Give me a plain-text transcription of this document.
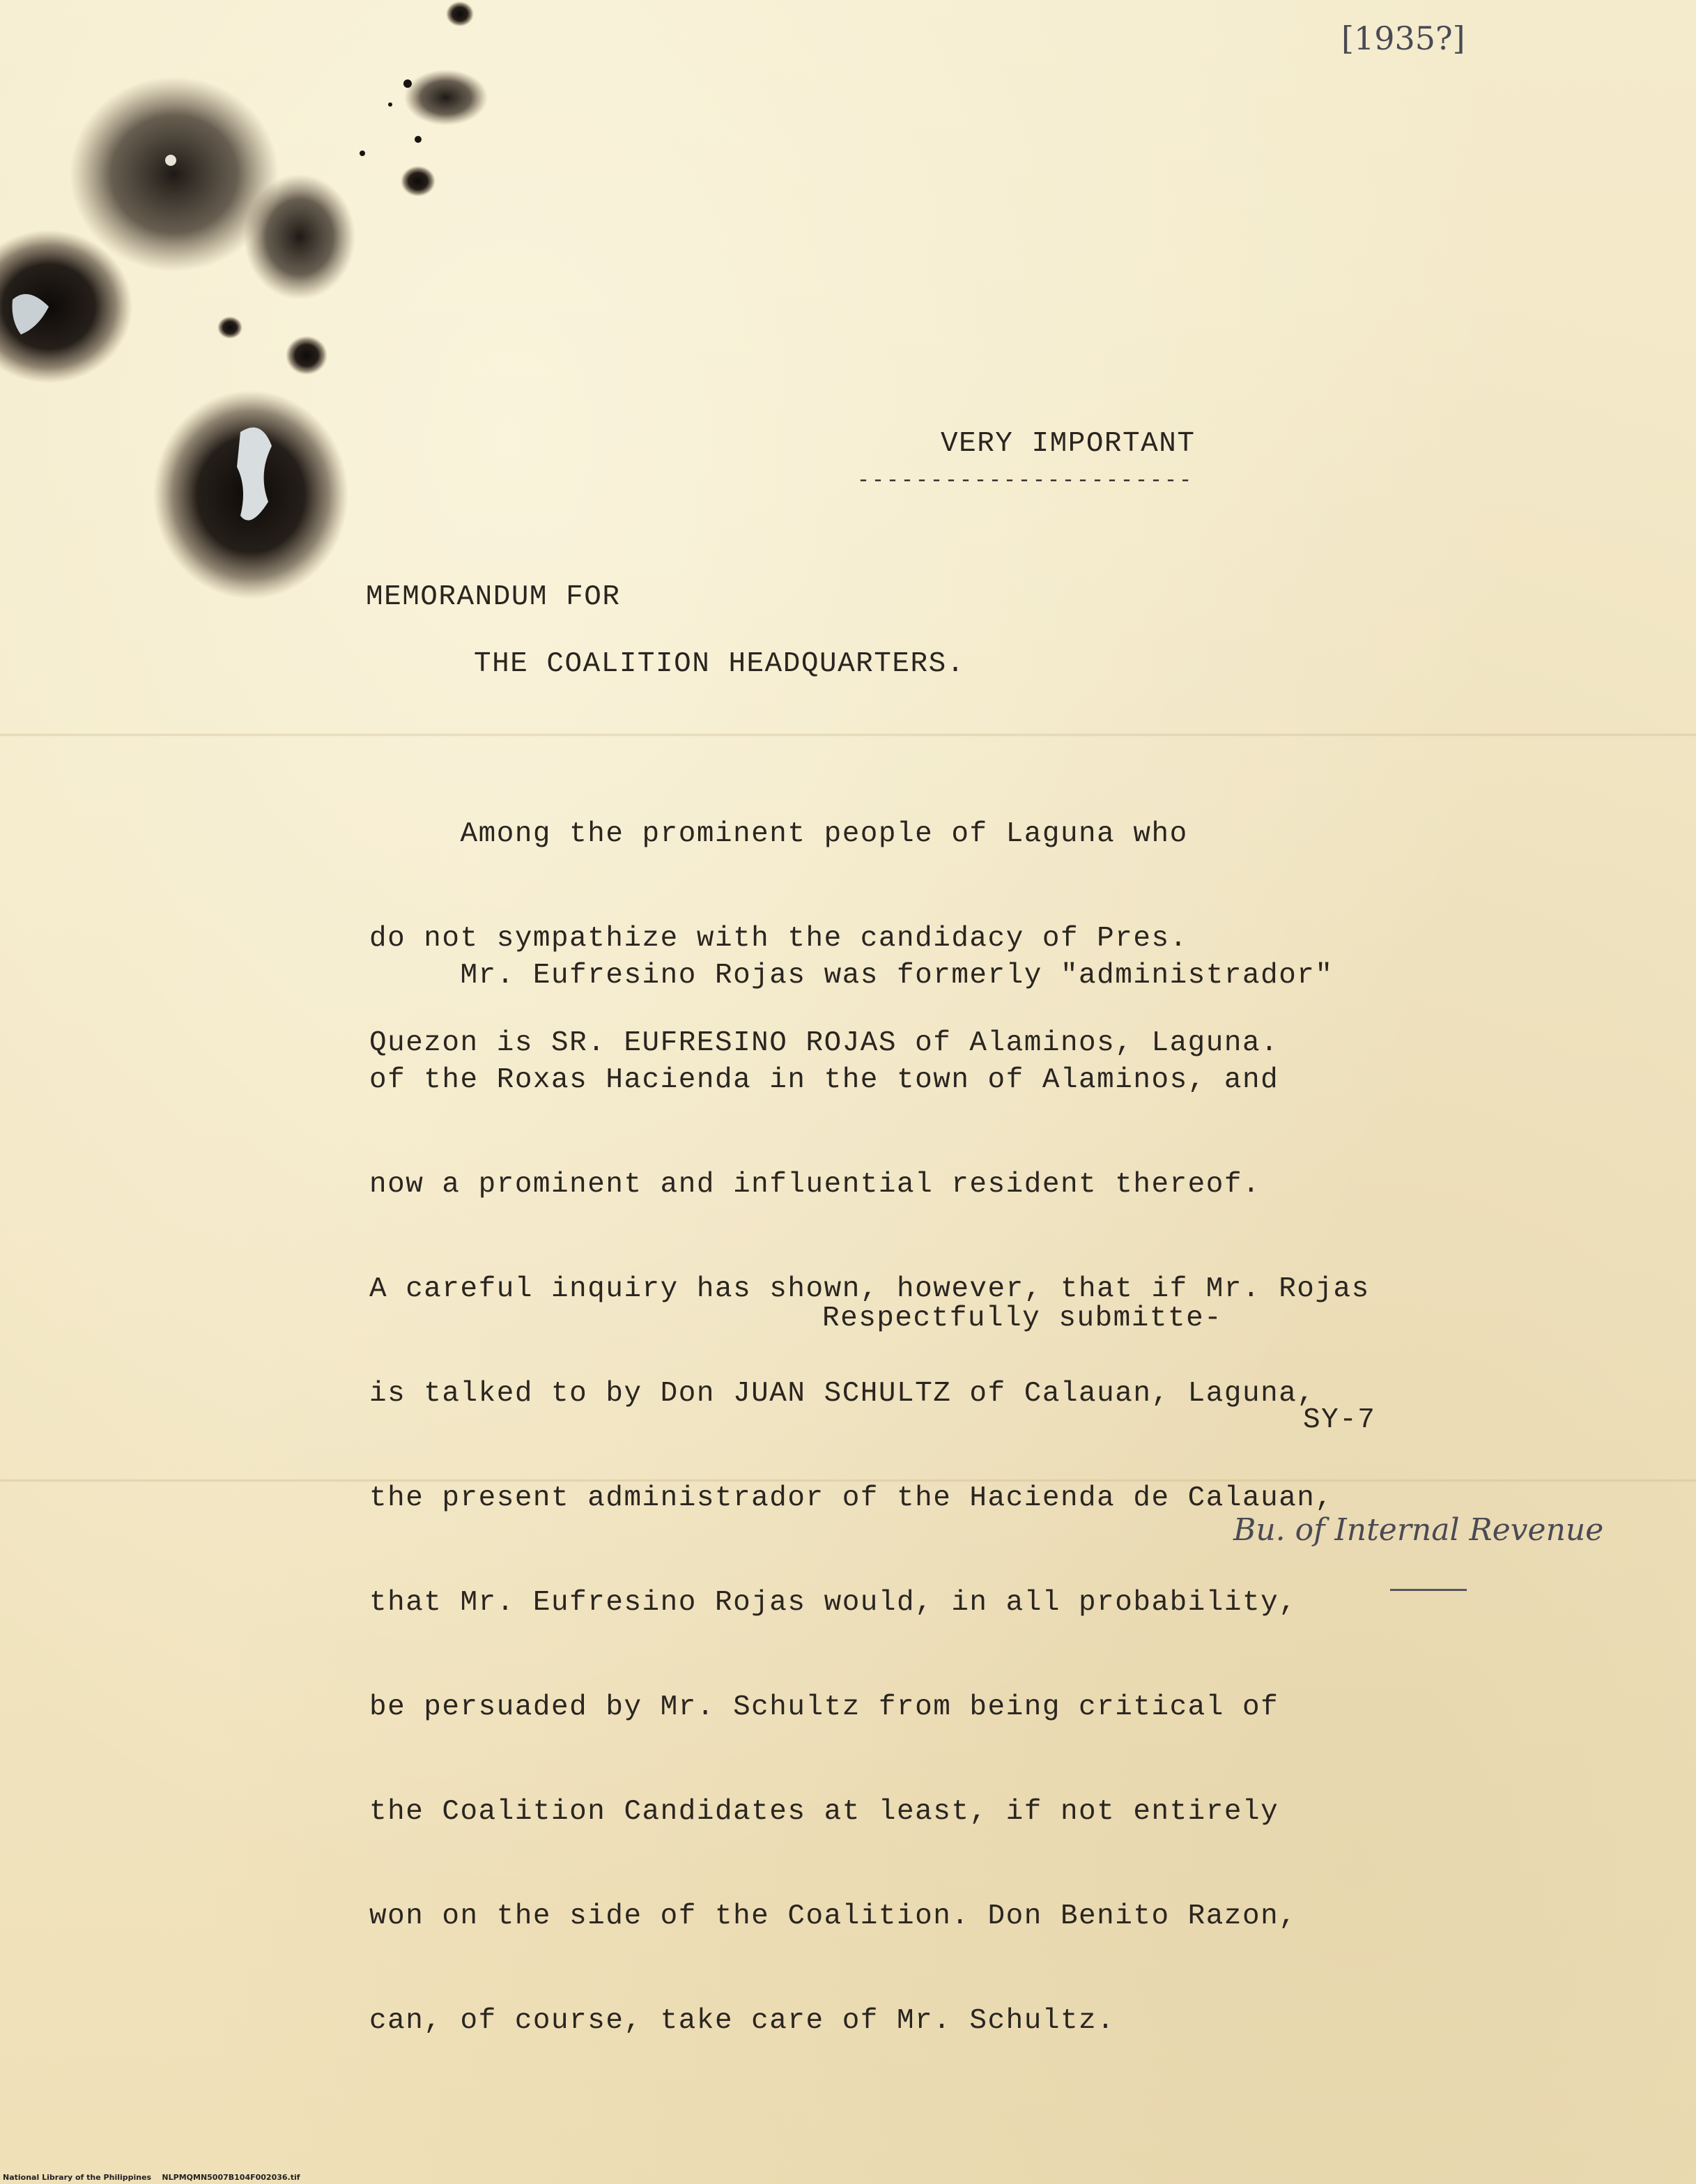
[1935?]
VERY IMPORTANT
-----------------------
MEMORANDUM FOR
THE COALITION HEADQUARTERS.

Among the prominent people of Laguna who

do not sympathize with the candidacy of Pres.

Quezon is SR. EUFRESINO ROJAS of Alaminos, Laguna.

Mr. Eufresino Rojas was formerly "administrador"

of the Roxas Hacienda in the town of Alaminos, and

now a prominent and influential resident thereof.

A careful inquiry has shown, however, that if Mr. Rojas

is talked to by Don JUAN SCHULTZ of Calauan, Laguna,

the present administrador of the Hacienda de Calauan,

that Mr. Eufresino Rojas would, in all probability,

be persuaded by Mr. Schultz from being critical of

the Coalition Candidates at least, if not entirely

won on the side of the Coalition. Don Benito Razon,

can, of course, take care of Mr. Schultz.

Respectfully submitte-
SY-7
Bu. of Internal Revenue
National Library of the Philippines    NLPMQMN5007B104F002036.tif
